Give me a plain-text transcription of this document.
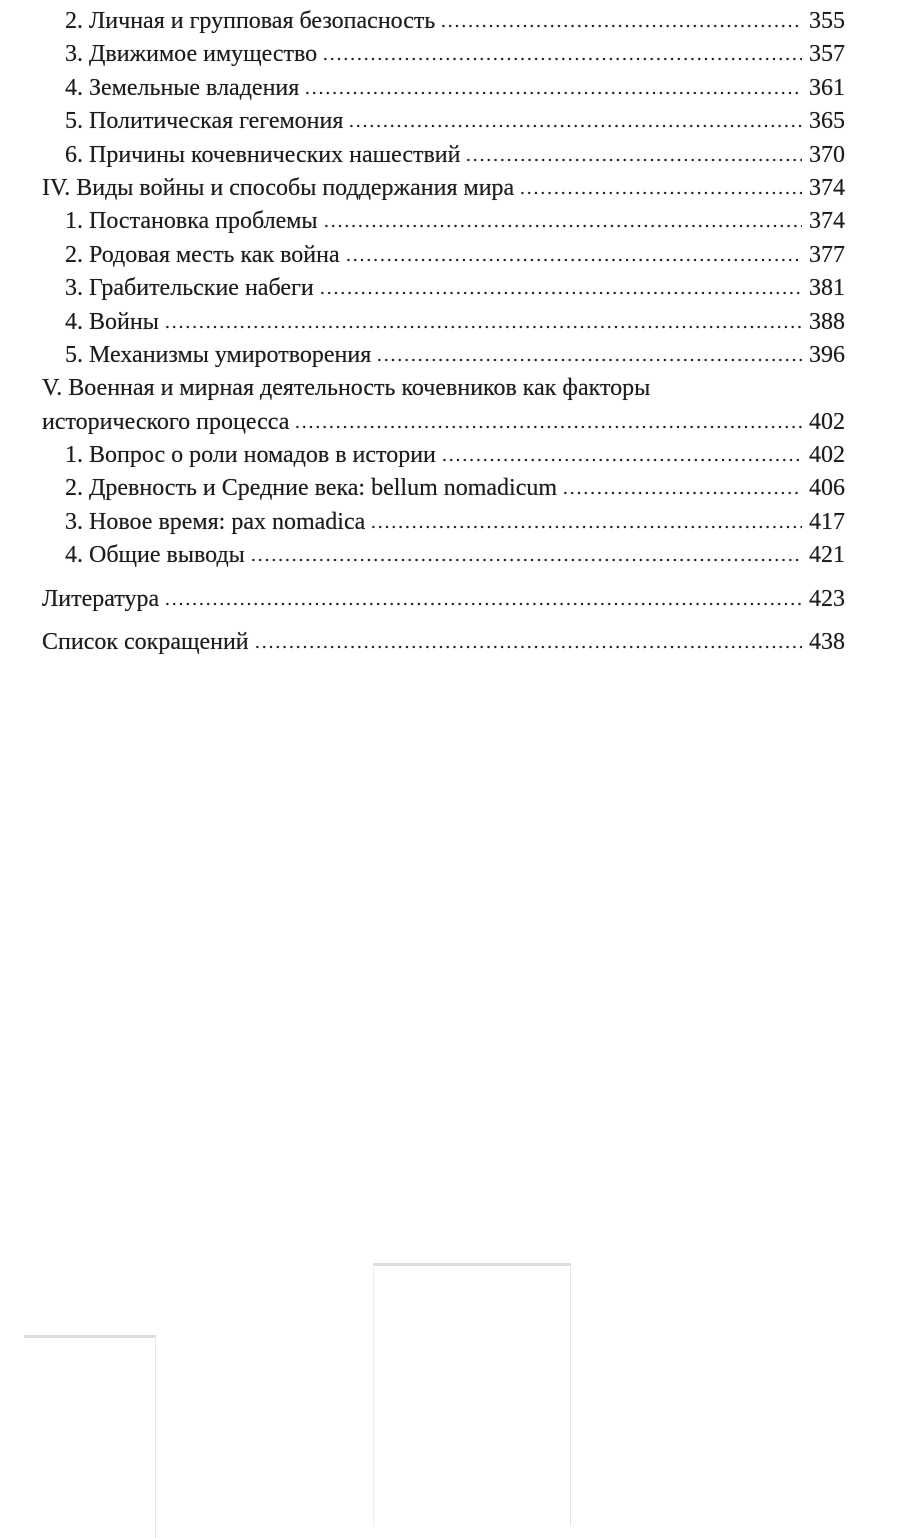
2. Личная и групповая безопасность	355
3. Движимое имущество	357
4. Земельные владения	361
5. Политическая гегемония	365
6. Причины кочевнических нашествий	370
IV. Виды войны и способы поддержания мира	374
1. Постановка проблемы	374
2. Родовая месть как война	377
3. Грабительские набеги	381
4. Войны	388
5. Механизмы умиротворения	396
V. Военная и мирная деятельность кочевников как факторы
исторического процесса	402
1. Вопрос о роли номадов в истории	402
2. Древность и Средние века: bellum nomadicum	406
3. Новое время: pax nomadica	417
4. Общие выводы	421
Литература	423
Список сокращений	438
